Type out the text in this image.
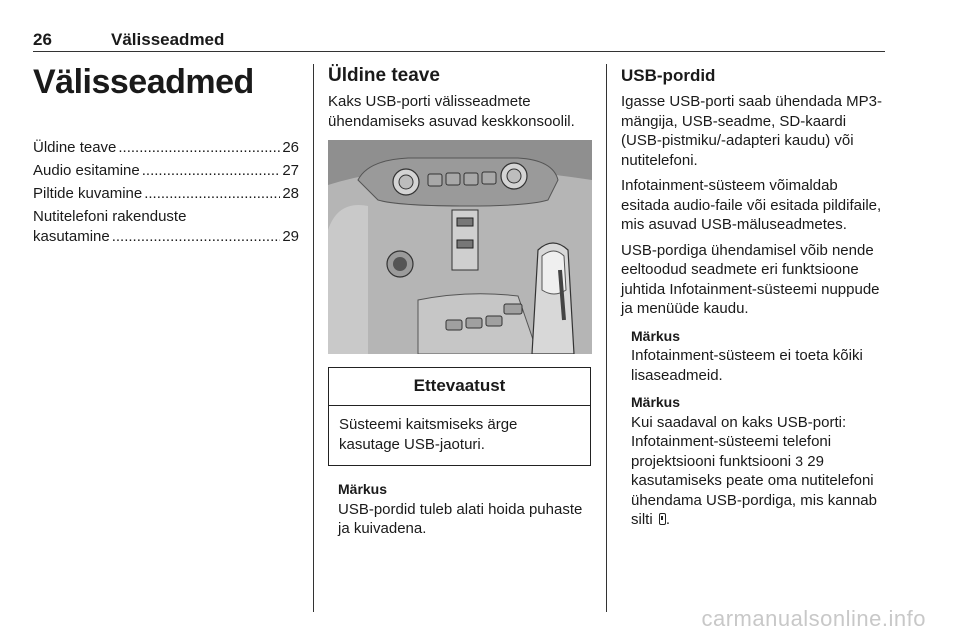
26	Välisseadmed
Välisseadmed
Üldine teave .....	26
Audio esitamine .....	27
Piltide kuvamine .....	28
Nutitelefoni rakenduste
kasutamine .....	29
Üldine teave

Kaks USB-porti välisseadmete ühendamiseks asuvad keskkonsoolil.

Ettevaatust
Süsteemi kaitsmiseks ärge kasutage USB-jaoturi.
Märkus
USB-pordid tuleb alati hoida puhaste ja kuivadena.
USB-pordid

Igasse USB-porti saab ühendada MP3-mängija, USB-seadme, SD-kaardi (USB-pistmiku/-adapteri kaudu) või nutitelefoni.

Infotainment-süsteem võimaldab esitada audio-faile või esitada pildifaile, mis asuvad USB-mäluseadmetes.

USB-pordiga ühendamisel võib nende eeltoodud seadmete eri funktsioone juhtida Infotainment-süsteemi nuppude ja menüüde kaudu.

Märkus
Infotainment-süsteem ei toeta kõiki lisaseadmeid.
Märkus
Kui saadaval on kaks USB-porti: Infotainment-süsteemi telefoni projektsiooni funktsiooni 3 29 kasutamiseks peate oma nutitelefoni ühendama USB-pordiga, mis kannab silti .
carmanualsonline.info
